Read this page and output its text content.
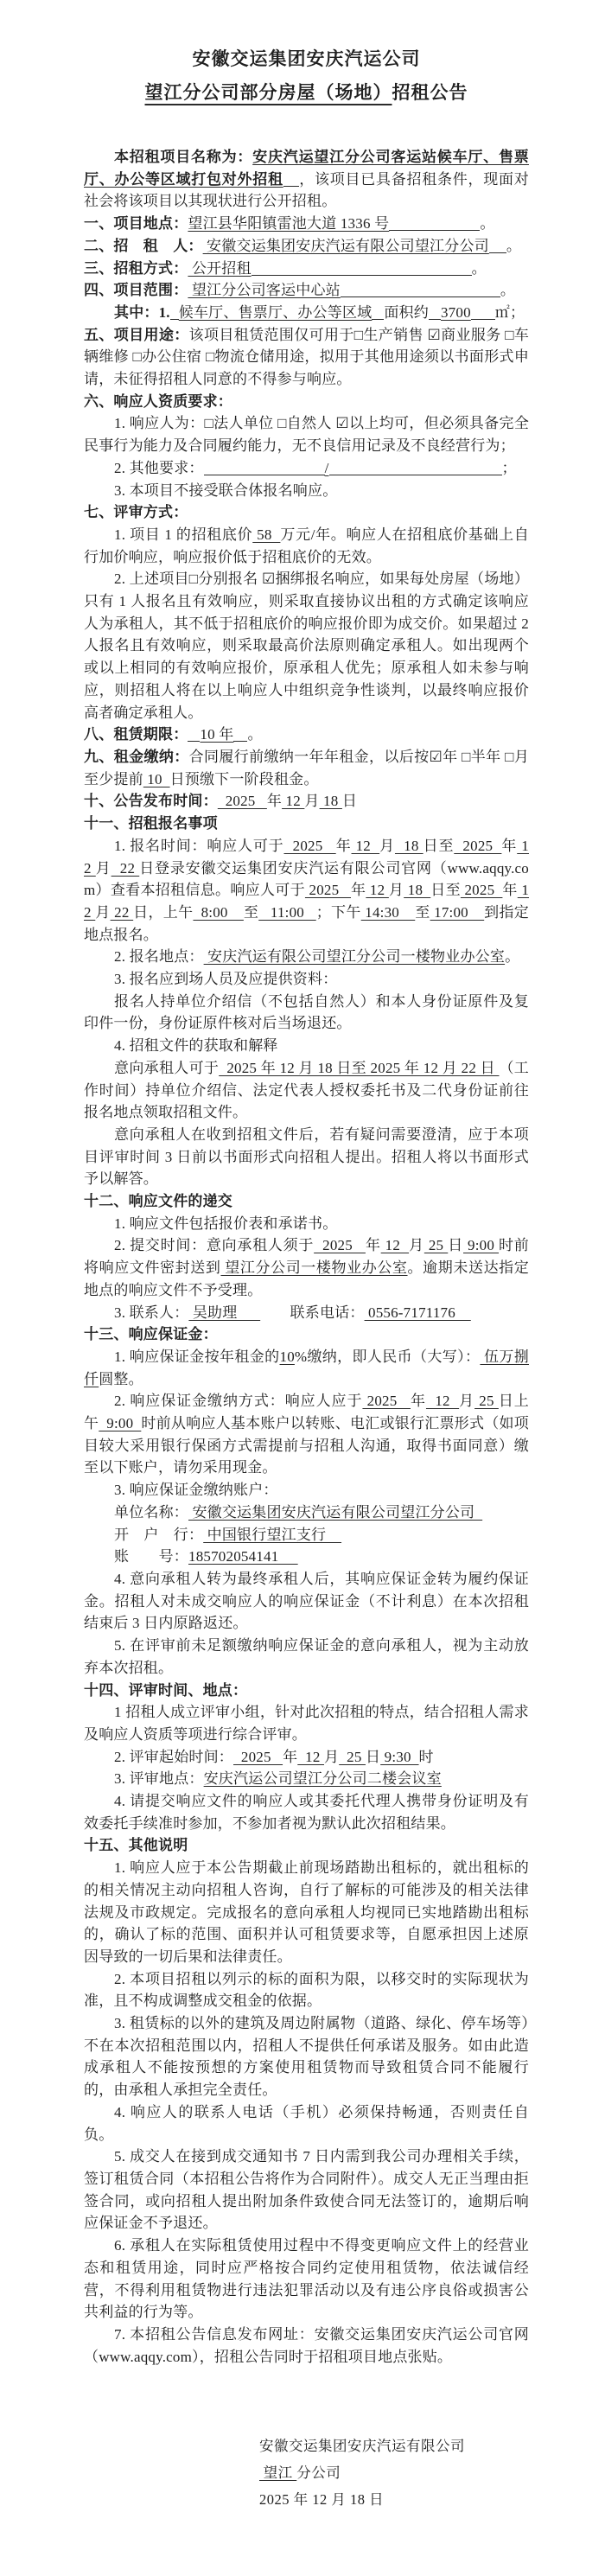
安徽交运集团安庆汽运公司

望江分公司部分房屋（场地）招租公告

本招租项目名称为：安庆汽运望江分公司客运站候车厅、售票厅、办公等区域打包对外招租 ，该项目已具备招租条件，现面对社会将该项目以其现状进行公开招租。

一、项目地点：望江县华阳镇雷池大道 1336 号	。

二、招　租　人： 安徽交运集团安庆汽运有限公司望江分公司 。

三、招租方式： 公开招租	。

四、项目范围： 望江分公司客运中心站	。

其中：1. 候车厅、售票厅、办公等区域 面积约 3700 ㎡；

五、项目用途：该项目租赁范围仅可用于□生产销售 ☑商业服务 □车辆维修 □办公住宿 □物流仓储用途，拟用于其他用途须以书面形式申请，未征得招租人同意的不得参与响应。

六、响应人资质要求：

1. 响应人为：□法人单位 □自然人 ☑以上均可，但必须具备完全民事行为能力及合同履约能力，无不良信用记录及不良经营行为；

2. 其他要求：	/	；

3. 本项目不接受联合体报名响应。

七、评审方式：

1. 项目 1 的招租底价 58  万元/年。响应人在招租底价基础上自行加价响应，响应报价低于招租底价的无效。

2. 上述项目□分别报名 ☑捆绑报名响应，如果每处房屋（场地）只有 1 人报名且有效响应，则采取直接协议出租的方式确定该响应人为承租人，其不低于招租底价的响应报价即为成交价。如果超过 2 人报名且有效响应，则采取最高价法原则确定承租人。如出现两个或以上相同的有效响应报价，原承租人优先；原承租人如未参与响应，则招租人将在以上响应人中组织竞争性谈判，以最终响应报价高者确定承租人。

八、租赁期限： 10 年 。

九、租金缴纳：合同履行前缴纳一年年租金，以后按☑年 □半年 □月至少提前 10  日预缴下一阶段租金。

十、公告发布时间：  2025   年 12 月 18 日

十一、招租报名事项

1. 报名时间：响应人可于  2025   年 12  月  18 日至  2025  年 12 月  22 日登录安徽交运集团安庆汽运有限公司官网（www.aqqy.com）查看本招租信息。响应人可于 2025   年 12 月 18  日至 2025  年 12 月 22 日，上午  8:00    至   11:00   ；下午 14:30    至 17:00    到指定地点报名。

2. 报名地点： 安庆汽运有限公司望江分公司一楼物业办公室。

3. 报名应到场人员及应提供资料：

报名人持单位介绍信（不包括自然人）和本人身份证原件及复印件一份，身份证原件核对后当场退还。

4. 招租文件的获取和解释

意向承租人可于  2025 年 12 月 18 日至 2025 年 12 月 22 日 （工作时间）持单位介绍信、法定代表人授权委托书及二代身份证前往报名地点领取招租文件。

意向承租人在收到招租文件后，若有疑问需要澄清，应于本项目评审时间 3 日前以书面形式向招租人提出。招租人将以书面形式予以解答。

十二、响应文件的递交

1. 响应文件包括报价表和承诺书。

2. 提交时间：意向承租人须于  2025   年 12  月 25 日 9:00 时前将响应文件密封送到 望江分公司一楼物业办公室。逾期未送达指定地点的响应文件不予受理。

3. 联系人： 吴助理      　　联系电话： 0556-7171176

十三、响应保证金：

1. 响应保证金按年租金的10%缴纳，即人民币（大写）： 伍万捌仟圆整。

2. 响应保证金缴纳方式：响应人应于 2025   年  12  月 25 日上午  9:00  时前从响应人基本账户以转账、电汇或银行汇票形式（如项目较大采用银行保函方式需提前与招租人沟通，取得书面同意）缴至以下账户，请勿采用现金。

3. 响应保证金缴纳账户：

单位名称： 安徽交运集团安庆汽运有限公司望江分公司

开　户　行： 中国银行望江支行

账　　号：185702054141

4. 意向承租人转为最终承租人后，其响应保证金转为履约保证金。招租人对未成交响应人的响应保证金（不计利息）在本次招租结束后 3 日内原路返还。

5. 在评审前未足额缴纳响应保证金的意向承租人，视为主动放弃本次招租。

十四、评审时间、地点：

1 招租人成立评审小组，针对此次招租的特点，结合招租人需求及响应人资质等项进行综合评审。

2. 评审起始时间：  2025   年  12 月  25 日 9:30  时

3. 评审地点：安庆汽运公司望江分公司二楼会议室

4. 请提交响应文件的响应人或其委托代理人携带身份证明及有效委托手续准时参加，不参加者视为默认此次招租结果。

十五、其他说明

1. 响应人应于本公告期截止前现场踏勘出租标的，就出租标的的相关情况主动向招租人咨询，自行了解标的可能涉及的相关法律法规及市政规定。完成报名的意向承租人均视同已实地踏勘出租标的，确认了标的范围、面积并认可租赁要求等，自愿承担因上述原因导致的一切后果和法律责任。

2. 本项目招租以列示的标的面积为限，以移交时的实际现状为准，且不构成调整成交租金的依据。

3. 租赁标的以外的建筑及周边附属物（道路、绿化、停车场等）不在本次招租范围以内，招租人不提供任何承诺及服务。如由此造成承租人不能按预想的方案使用租赁物而导致租赁合同不能履行的，由承租人承担完全责任。

4. 响应人的联系人电话（手机）必须保持畅通，否则责任自负。

5. 成交人在接到成交通知书 7 日内需到我公司办理相关手续，签订租赁合同（本招租公告将作为合同附件）。成交人无正当理由拒签合同，或向招租人提出附加条件致使合同无法签订的，逾期后响应保证金不予退还。

6. 承租人在实际租赁使用过程中不得变更响应文件上的经营业态和租赁用途，同时应严格按合同约定使用租赁物，依法诚信经营，不得利用租赁物进行违法犯罪活动以及有违公序良俗或损害公共利益的行为等。

7. 本招租公告信息发布网址：安徽交运集团安庆汽运公司官网（www.aqqy.com），招租公告同时于招租项目地点张贴。

安徽交运集团安庆汽运有限公司

望江 分公司

2025 年 12 月 18 日
